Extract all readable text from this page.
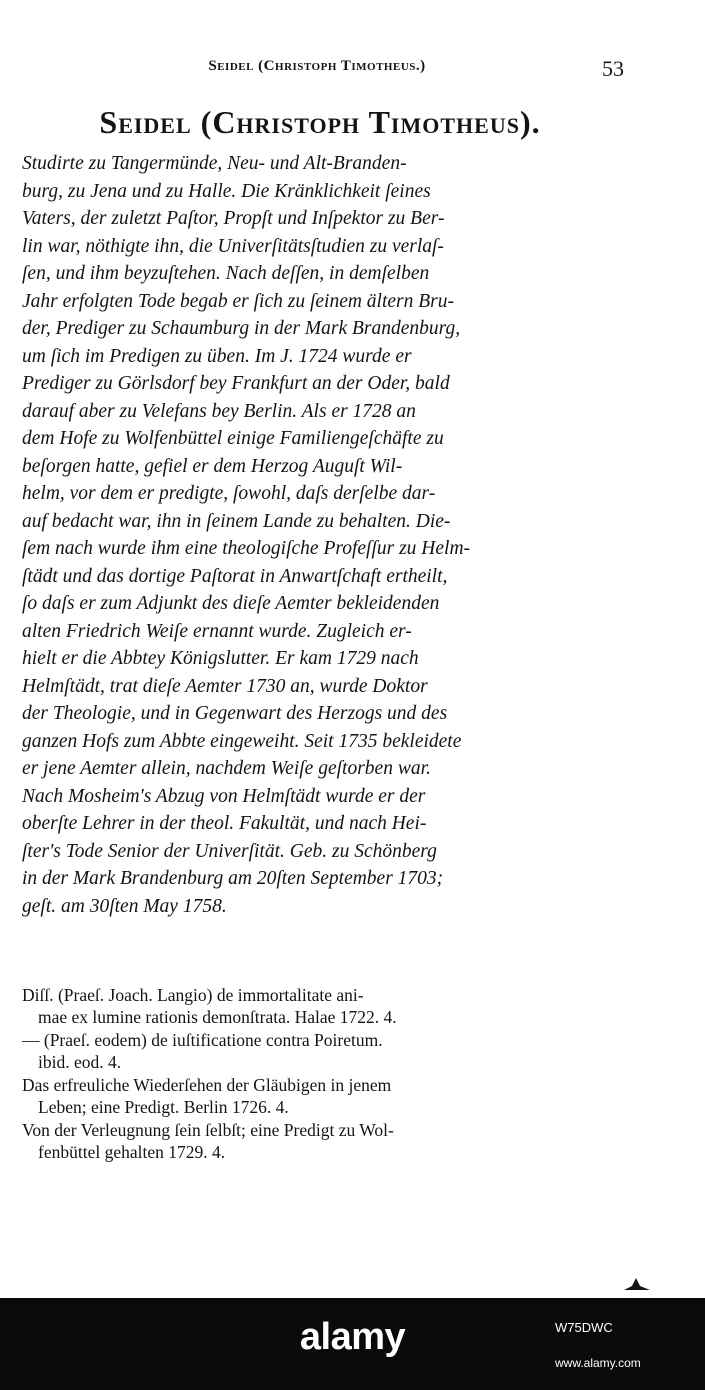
Seidel (Christoph Timotheus.)	53
Seidel (Christoph Timotheus).
Studirte zu Tangermünde, Neu- und Alt-Branden-
burg, zu Jena und zu Halle. Die Kränklichkeit ſeines
Vaters, der zuletzt Paſtor, Propſt und Inſpektor zu Ber-
lin war, nöthigte ihn, die Univerſitätsſtudien zu verlaſ-
ſen, und ihm beyzuſtehen. Nach deſſen, in demſelben
Jahr erfolgten Tode begab er ſich zu ſeinem ältern Bru-
der, Prediger zu Schaumburg in der Mark Brandenburg,
um ſich im Predigen zu üben. Im J. 1724 wurde er
Prediger zu Görlsdorf bey Frankfurt an der Oder, bald
darauf aber zu Velefans bey Berlin. Als er 1728 an
dem Hofe zu Wolfenbüttel einige Familiengeſchäfte zu
beſorgen hatte, gefiel er dem Herzog Auguſt Wil-
helm, vor dem er predigte, ſowohl, daſs derſelbe dar-
auf bedacht war, ihn in ſeinem Lande zu behalten. Die-
ſem nach wurde ihm eine theologiſche Profeſſur zu Helm-
ſtädt und das dortige Paſtorat in Anwartſchaft ertheilt,
ſo daſs er zum Adjunkt des dieſe Aemter bekleidenden
alten Friedrich Weiſe ernannt wurde. Zugleich er-
hielt er die Abbtey Königslutter. Er kam 1729 nach
Helmſtädt, trat dieſe Aemter 1730 an, wurde Doktor
der Theologie, und in Gegenwart des Herzogs und des
ganzen Hofs zum Abbte eingeweiht. Seit 1735 bekleidete
er jene Aemter allein, nachdem Weiſe geſtorben war.
Nach Mosheim's Abzug von Helmſtädt wurde er der
oberſte Lehrer in der theol. Fakultät, und nach Hei-
ſter's Tode Senior der Univerſität. Geb. zu Schönberg
in der Mark Brandenburg am 20ſten September 1703;
geſt. am 30ſten May 1758.
Diſſ. (Praeſ. Joach. Langio) de immortalitate ani-
mae ex lumine rationis demonſtrata. Halae 1722. 4.
— (Praeſ. eodem) de iuſtificatione contra Poiretum.
ibid. eod. 4.
Das erfreuliche Wiederſehen der Gläubigen in jenem
Leben; eine Predigt. Berlin 1726. 4.
Von der Verleugnung ſein ſelbſt; eine Predigt zu Wol-
fenbüttel gehalten 1729. 4.
alamy	W75DWC
www.alamy.com
